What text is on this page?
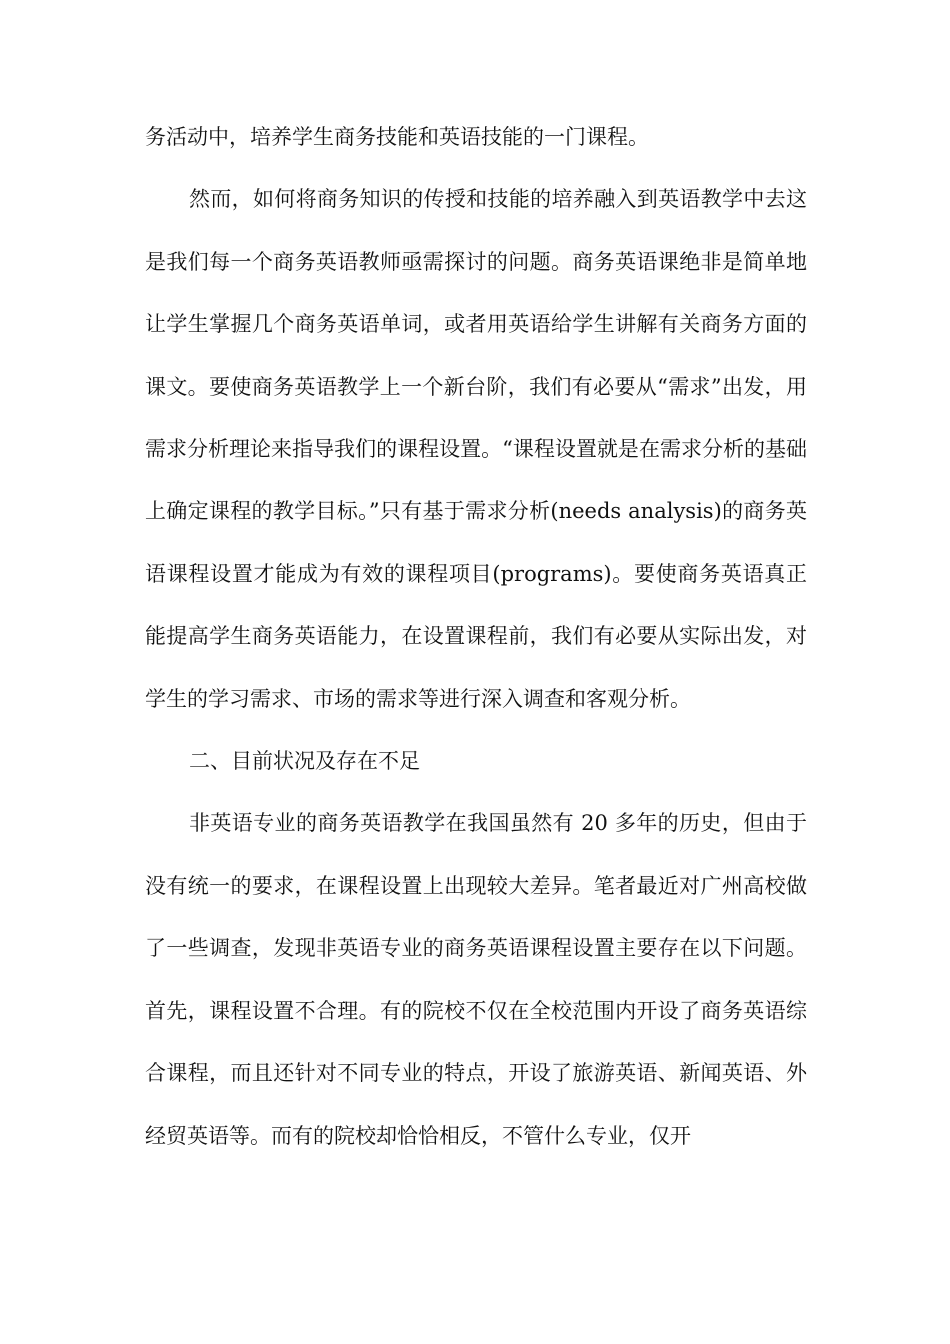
务活动中，培养学生商务技能和英语技能的一门课程。

然而，如何将商务知识的传授和技能的培养融入到英语教学中去这是我们每一个商务英语教师亟需探讨的问题。商务英语课绝非是简单地让学生掌握几个商务英语单词，或者用英语给学生讲解有关商务方面的课文。要使商务英语教学上一个新台阶，我们有必要从“需求”出发，用需求分析理论来指导我们的课程设置。“课程设置就是在需求分析的基础上确定课程的教学目标。”只有基于需求分析(needs analysis)的商务英语课程设置才能成为有效的课程项目(programs)。要使商务英语真正能提高学生商务英语能力，在设置课程前，我们有必要从实际出发，对学生的学习需求、市场的需求等进行深入调查和客观分析。

二、目前状况及存在不足

非英语专业的商务英语教学在我国虽然有 20 多年的历史，但由于没有统一的要求，在课程设置上出现较大差异。笔者最近对广州高校做了一些调查，发现非英语专业的商务英语课程设置主要存在以下问题。首先，课程设置不合理。有的院校不仅在全校范围内开设了商务英语综合课程，而且还针对不同专业的特点，开设了旅游英语、新闻英语、外经贸英语等。而有的院校却恰恰相反，不管什么专业，仅开
